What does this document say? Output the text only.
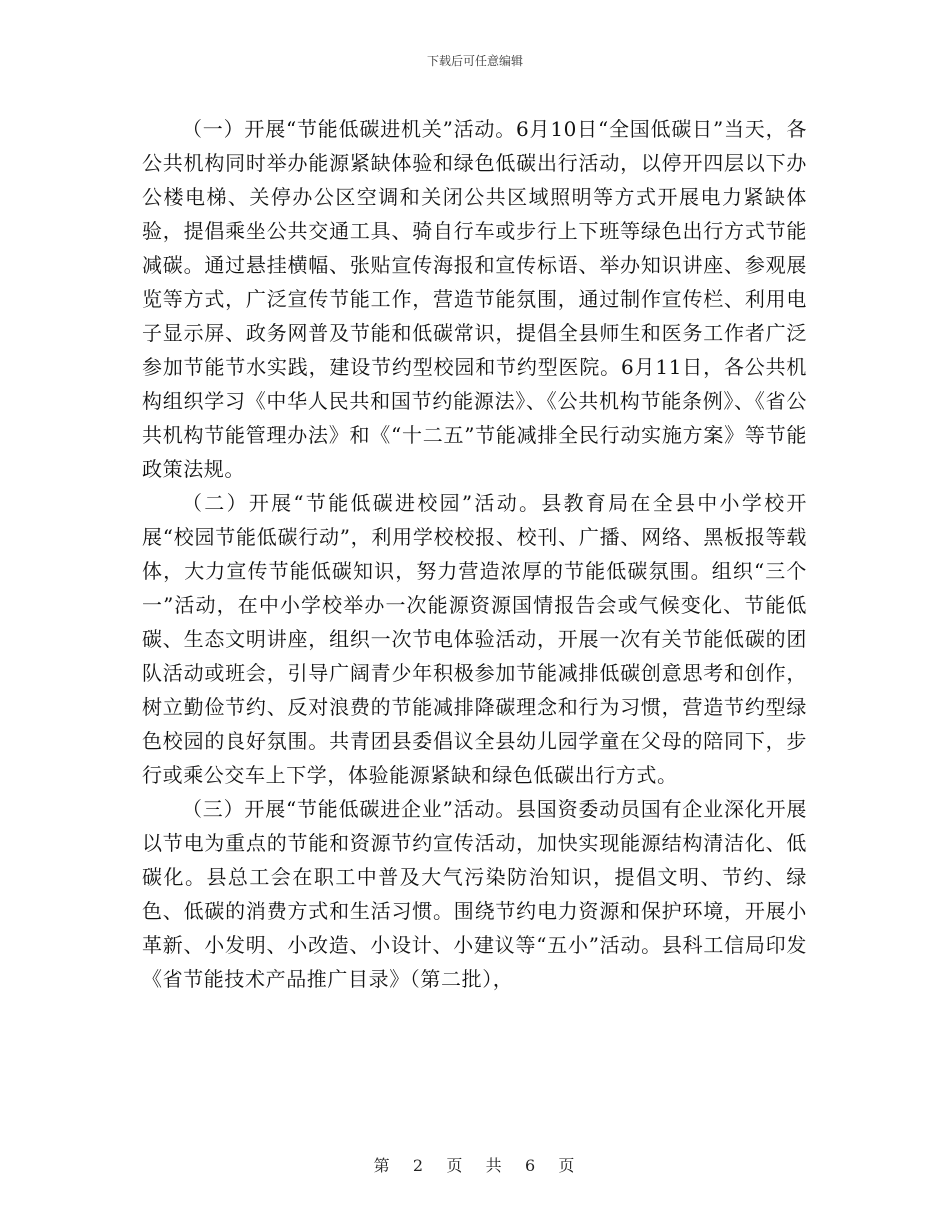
下载后可任意编辑

（一）开展“节能低碳进机关”活动。6月10日“全国低碳日”当天，各公共机构同时举办能源紧缺体验和绿色低碳出行活动，以停开四层以下办公楼电梯、关停办公区空调和关闭公共区域照明等方式开展电力紧缺体验，提倡乘坐公共交通工具、骑自行车或步行上下班等绿色出行方式节能减碳。通过悬挂横幅、张贴宣传海报和宣传标语、举办知识讲座、参观展览等方式，广泛宣传节能工作，营造节能氛围，通过制作宣传栏、利用电子显示屏、政务网普及节能和低碳常识，提倡全县师生和医务工作者广泛参加节能节水实践，建设节约型校园和节约型医院。6月11日，各公共机构组织学习《中华人民共和国节约能源法》、《公共机构节能条例》、《省公共机构节能管理办法》和《“十二五”节能减排全民行动实施方案》等节能政策法规。

（二）开展“节能低碳进校园”活动。县教育局在全县中小学校开展“校园节能低碳行动”，利用学校校报、校刊、广播、网络、黑板报等载体，大力宣传节能低碳知识，努力营造浓厚的节能低碳氛围。组织“三个一”活动，在中小学校举办一次能源资源国情报告会或气候变化、节能低碳、生态文明讲座，组织一次节电体验活动，开展一次有关节能低碳的团队活动或班会，引导广阔青少年积极参加节能减排低碳创意思考和创作，树立勤俭节约、反对浪费的节能减排降碳理念和行为习惯，营造节约型绿色校园的良好氛围。共青团县委倡议全县幼儿园学童在父母的陪同下，步行或乘公交车上下学，体验能源紧缺和绿色低碳出行方式。

（三）开展“节能低碳进企业”活动。县国资委动员国有企业深化开展以节电为重点的节能和资源节约宣传活动，加快实现能源结构清洁化、低碳化。县总工会在职工中普及大气污染防治知识，提倡文明、节约、绿色、低碳的消费方式和生活习惯。围绕节约电力资源和保护环境，开展小革新、小发明、小改造、小设计、小建议等“五小”活动。县科工信局印发《省节能技术产品推广目录》（第二批），

第 2 页 共 6 页
